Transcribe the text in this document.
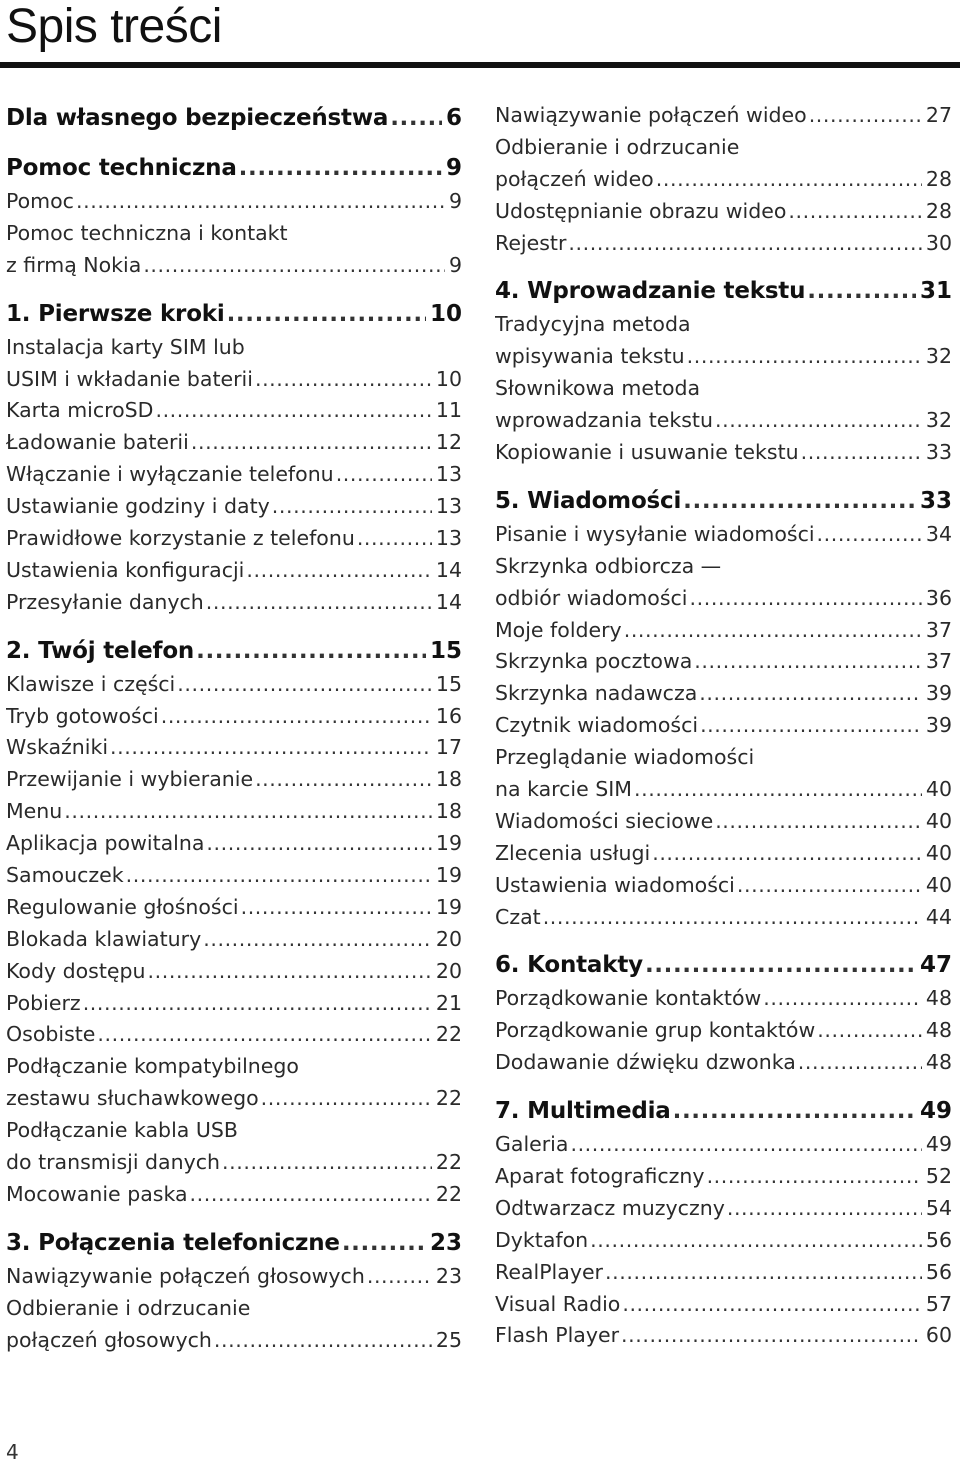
Spis treści
Dla własnego bezpieczeństwa .....	6
Pomoc techniczna .....	9
Pomoc .....	9
Pomoc techniczna i kontakt
z firmą Nokia .....	9
1. Pierwsze kroki .....	10
Instalacja karty SIM lub
USIM i wkładanie baterii .....	10
Karta microSD .....	11
Ładowanie baterii .....	12
Włączanie i wyłączanie telefonu .....	13
Ustawianie godziny i daty .....	13
Prawidłowe korzystanie z telefonu .....	13
Ustawienia konfiguracji .....	14
Przesyłanie danych .....	14
2. Twój telefon .....	15
Klawisze i części .....	15
Tryb gotowości .....	16
Wskaźniki .....	17
Przewijanie i wybieranie .....	18
Menu .....	18
Aplikacja powitalna .....	19
Samouczek .....	19
Regulowanie głośności .....	19
Blokada klawiatury .....	20
Kody dostępu .....	20
Pobierz .....	21
Osobiste .....	22
Podłączanie kompatybilnego
zestawu słuchawkowego .....	22
Podłączanie kabla USB
do transmisji danych .....	22
Mocowanie paska .....	22
3. Połączenia telefoniczne .....	23
Nawiązywanie połączeń głosowych .....	23
Odbieranie i odrzucanie
połączeń głosowych .....	25
Nawiązywanie połączeń wideo .....	27
Odbieranie i odrzucanie
połączeń wideo .....	28
Udostępnianie obrazu wideo .....	28
Rejestr .....	30
4. Wprowadzanie tekstu .....	31
Tradycyjna metoda
wpisywania tekstu .....	32
Słownikowa metoda
wprowadzania tekstu .....	32
Kopiowanie i usuwanie tekstu .....	33
5. Wiadomości .....	33
Pisanie i wysyłanie wiadomości .....	34
Skrzynka odbiorcza —
odbiór wiadomości .....	36
Moje foldery .....	37
Skrzynka pocztowa .....	37
Skrzynka nadawcza .....	39
Czytnik wiadomości .....	39
Przeglądanie wiadomości
na karcie SIM .....	40
Wiadomości sieciowe .....	40
Zlecenia usługi .....	40
Ustawienia wiadomości .....	40
Czat .....	44
6. Kontakty .....	47
Porządkowanie kontaktów .....	48
Porządkowanie grup kontaktów .....	48
Dodawanie dźwięku dzwonka .....	48
7. Multimedia .....	49
Galeria .....	49
Aparat fotograficzny .....	52
Odtwarzacz muzyczny .....	54
Dyktafon .....	56
RealPlayer .....	56
Visual Radio .....	57
Flash Player .....	60
4
